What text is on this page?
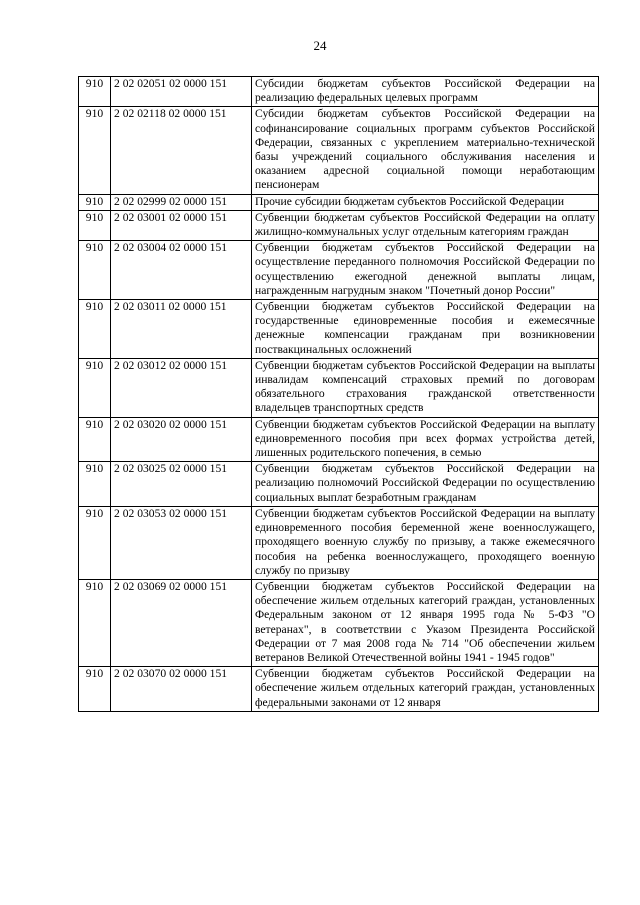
24
910	2 02 02051 02 0000 151	Субсидии бюджетам субъектов Российской Федерации на реализацию федеральных целевых программ
910	2 02 02118 02 0000 151	Субсидии бюджетам субъектов Российской Федерации на софинансирование социальных программ субъектов Российской Федерации, связанных с укреплением материально-технической базы учреждений социального обслуживания населения и оказанием адресной социальной помощи неработающим пенсионерам
910	2 02 02999 02 0000 151	Прочие субсидии бюджетам субъектов Российской Федерации
910	2 02 03001 02 0000 151	Субвенции бюджетам субъектов Российской Федерации на оплату жилищно-коммунальных услуг отдельным категориям граждан
910	2 02 03004 02 0000 151	Субвенции бюджетам субъектов Российской Федерации на осуществление переданного полномочия Российской Федерации по осуществлению ежегодной денежной выплаты лицам, награжденным нагрудным знаком "Почетный донор России"
910	2 02 03011 02 0000 151	Субвенции бюджетам субъектов Российской Федерации на государственные единовременные пособия и ежемесячные денежные компенсации гражданам при возникновении поствакцинальных осложнений
910	2 02 03012 02 0000 151	Субвенции бюджетам субъектов Российской Федерации на выплаты инвалидам компенсаций страховых премий по договорам обязательного страхования гражданской ответственности владельцев транспортных средств
910	2 02 03020 02 0000 151	Субвенции бюджетам субъектов Российской Федерации на выплату единовременного пособия при всех формах устройства детей, лишенных родительского попечения, в семью
910	2 02 03025 02 0000 151	Субвенции бюджетам субъектов Российской Федерации на реализацию полномочий Российской Федерации по осуществлению социальных выплат безработным гражданам
910	2 02 03053 02 0000 151	Субвенции бюджетам субъектов Российской Федерации на выплату единовременного пособия беременной жене военнослужащего, проходящего военную службу по призыву, а также ежемесячного пособия на ребенка военнослужащего, проходящего военную службу по призыву
910	2 02 03069 02 0000 151	Субвенции бюджетам субъектов Российской Федерации на обеспечение жильем отдельных категорий граждан, установленных Федеральным законом от 12 января 1995 года № 5-ФЗ "О ветеранах", в соответствии с Указом Президента Российской Федерации от 7 мая 2008 года № 714 "Об обеспечении жильем ветеранов Великой Отечественной войны 1941 - 1945 годов"
910	2 02 03070 02 0000 151	Субвенции бюджетам субъектов Российской Федерации на обеспечение жильем отдельных категорий граждан, установленных федеральными законами от 12 января
